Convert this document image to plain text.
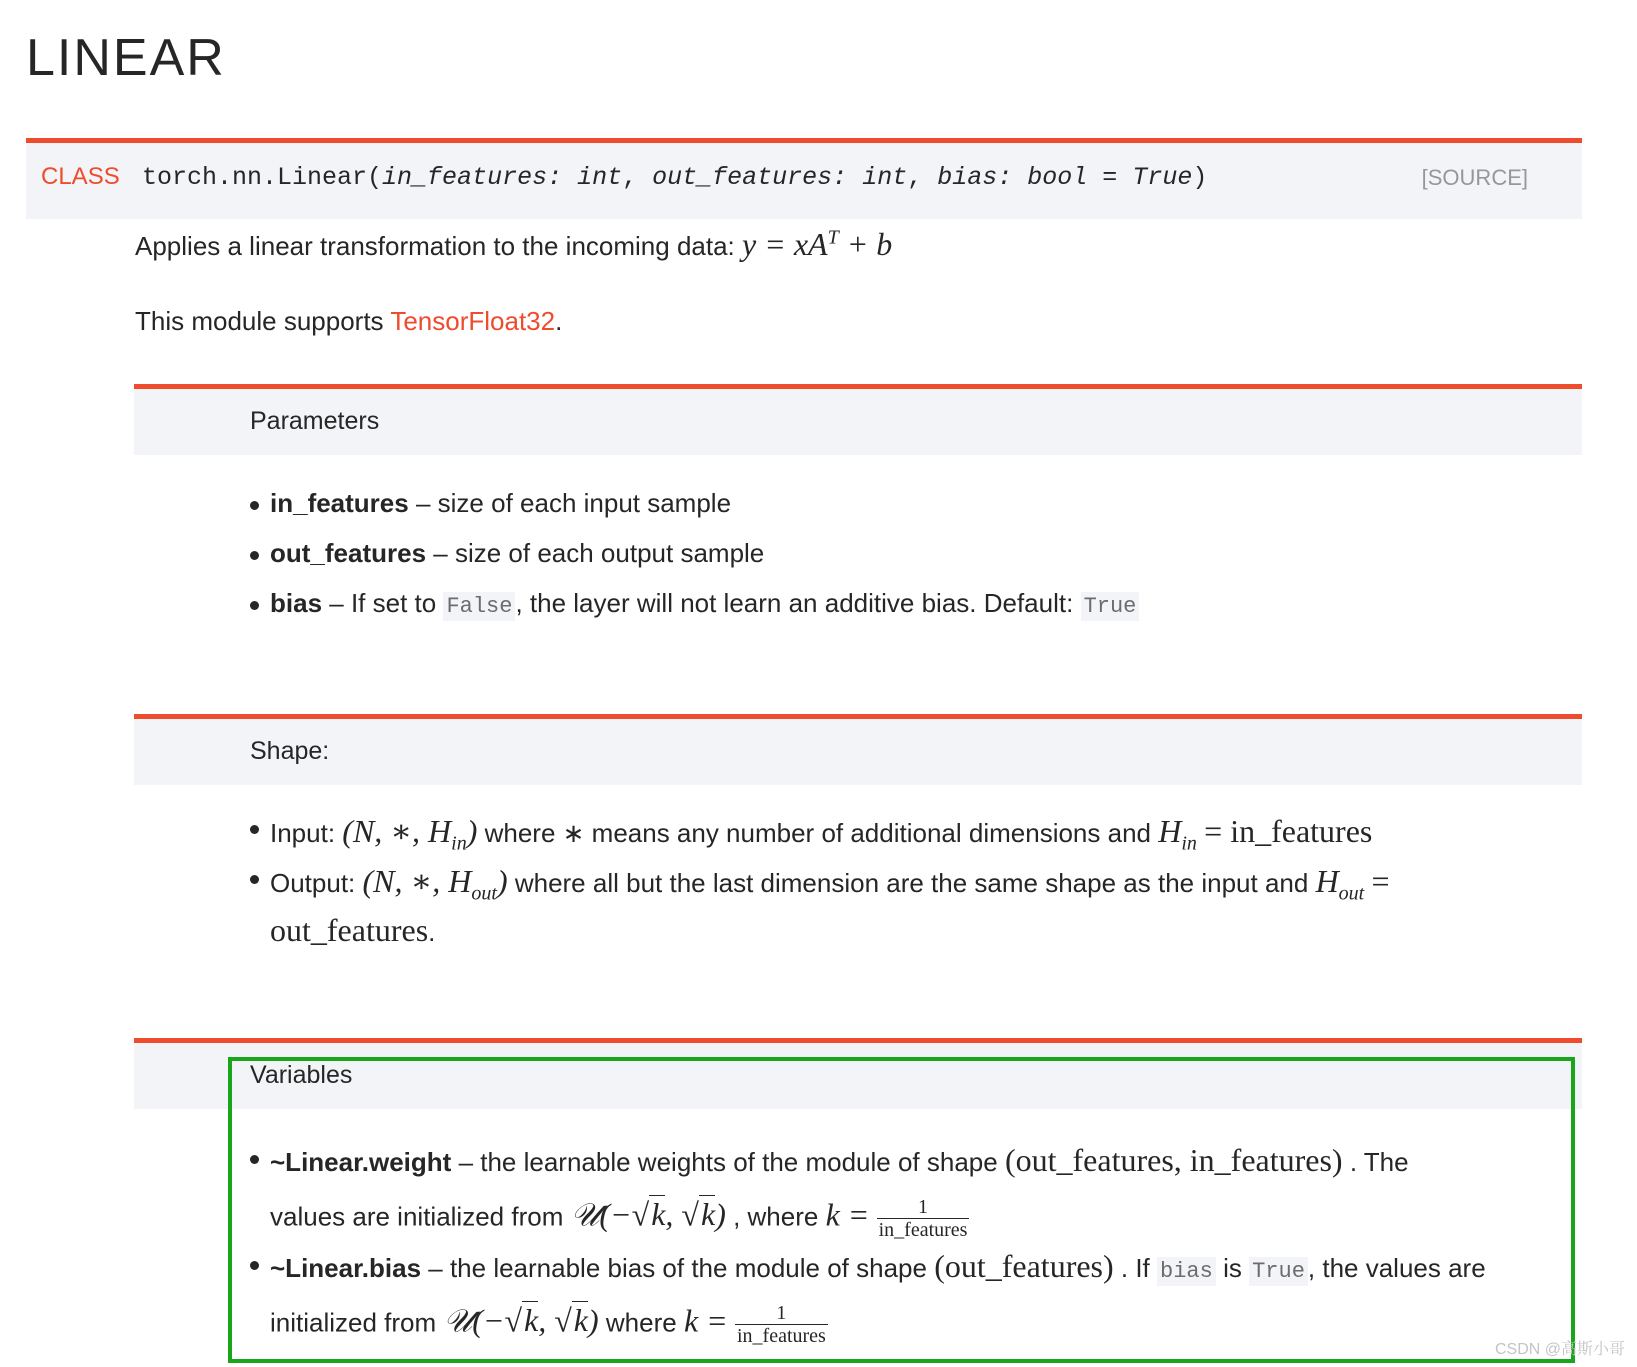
LINEAR
CLASS torch.nn.Linear(in_features: int, out_features: int, bias: bool = True)	[SOURCE]
Applies a linear transformation to the incoming data: $y = xA^T + b$
This module supports TensorFloat32.
Parameters
in_features – size of each input sample
out_features – size of each output sample
bias – If set to False , the layer will not learn an additive bias. Default: True
Shape:
Input: (N, ∗, $H_{in}$) where ∗ means any number of additional dimensions and $H_{in}$ = in_features
Output: (N, ∗, $H_{out}$) where all but the last dimension are the same shape as the input and $H_{out}$ =
out_features.
Variables
~Linear.weight – the learnable weights of the module of shape (out_features, in_features) . The
values are initialized from 𝒰(−√k, √k) , where $k = \frac{1}{\text{in\_features}}$
~Linear.bias – the learnable bias of the module of shape (out_features) . If bias is True , the values are
initialized from 𝒰(−√k, √k) where $k = \frac{1}{\text{in\_features}}$
CSDN @高斯小哥
